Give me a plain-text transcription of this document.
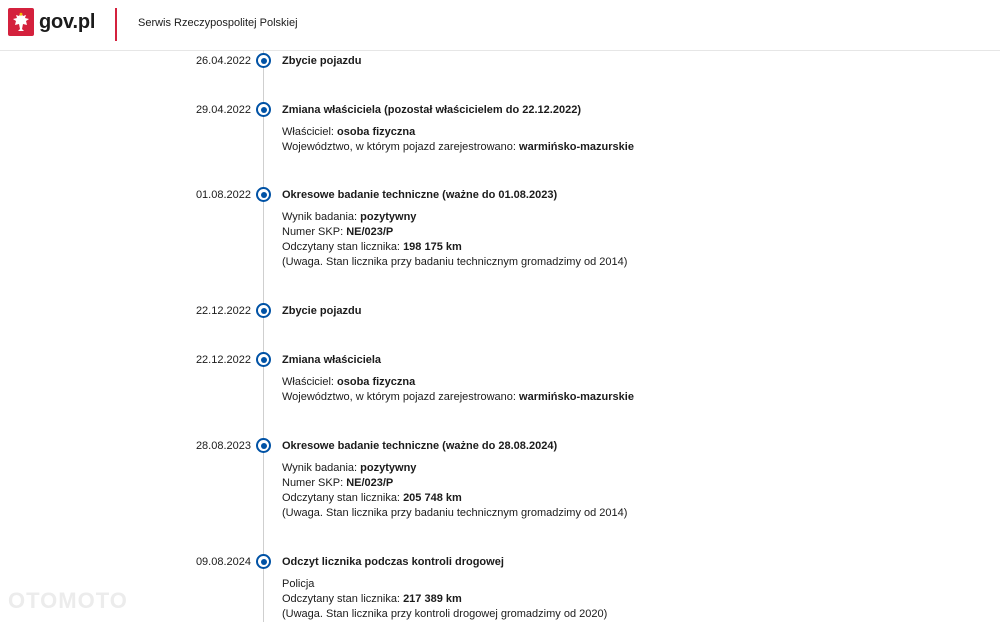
gov.pl	Serwis Rzeczypospolitej Polskiej
26.04.2022	Zbycie pojazdu
29.04.2022	Zmiana właściciela (pozostał właścicielem do 22.12.2022)
Właściciel: osoba fizyczna
Województwo, w którym pojazd zarejestrowano: warmińsko-mazurskie
01.08.2022	Okresowe badanie techniczne (ważne do 01.08.2023)
Wynik badania: pozytywny
Numer SKP: NE/023/P
Odczytany stan licznika: 198 175 km
(Uwaga. Stan licznika przy badaniu technicznym gromadzimy od 2014)
22.12.2022	Zbycie pojazdu
22.12.2022	Zmiana właściciela
Właściciel: osoba fizyczna
Województwo, w którym pojazd zarejestrowano: warmińsko-mazurskie
28.08.2023	Okresowe badanie techniczne (ważne do 28.08.2024)
Wynik badania: pozytywny
Numer SKP: NE/023/P
Odczytany stan licznika: 205 748 km
(Uwaga. Stan licznika przy badaniu technicznym gromadzimy od 2014)
09.08.2024	Odczyt licznika podczas kontroli drogowej
Policja
Odczytany stan licznika: 217 389 km
(Uwaga. Stan licznika przy kontroli drogowej gromadzimy od 2020)
OTOMOTO
